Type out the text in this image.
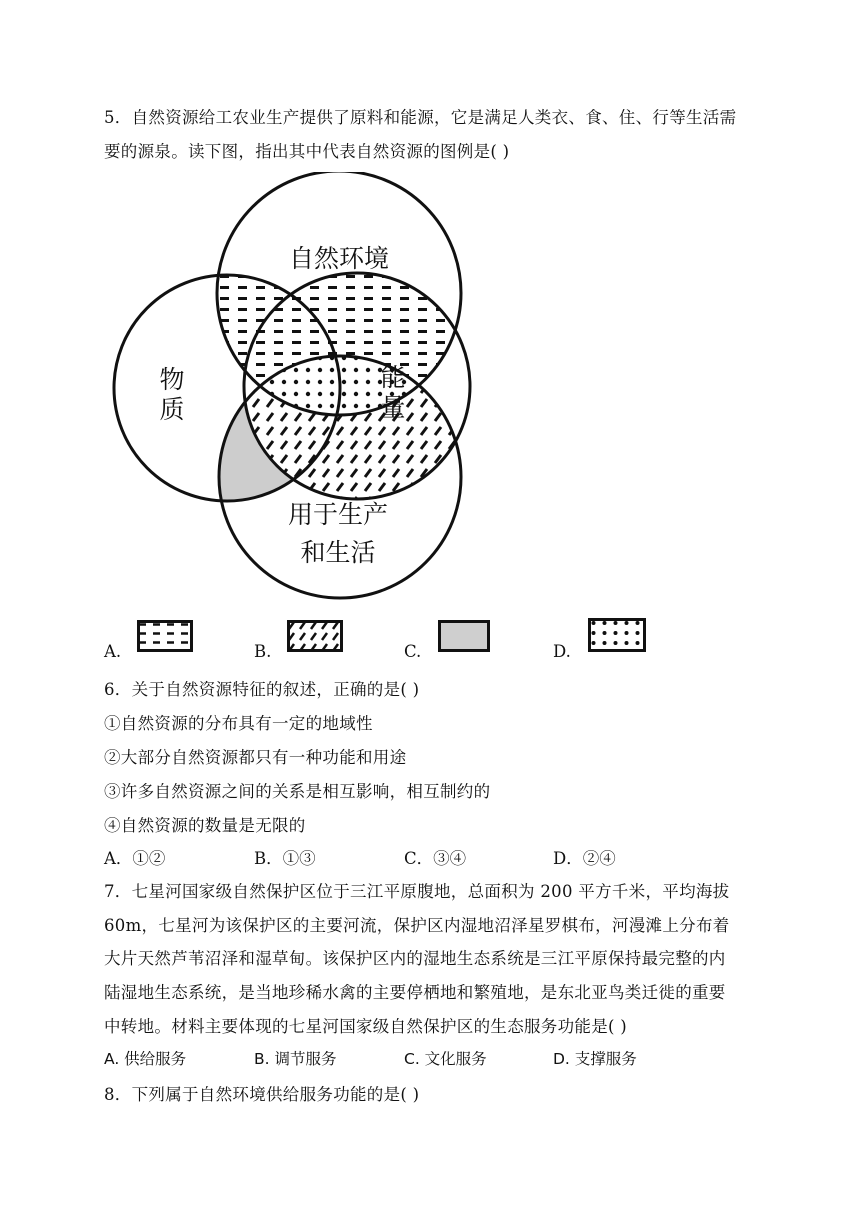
5．自然资源给工农业生产提供了原料和能源，它是满足人类衣、食、住、行等生活需
要的源泉。读下图，指出其中代表自然资源的图例是( )
自然环境
物
质
能
量
用于生产
和生活
A.	B.	C.	D.
6．关于自然资源特征的叙述，正确的是( )
①自然资源的分布具有一定的地域性
②大部分自然资源都只有一种功能和用途
③许多自然资源之间的关系是相互影响，相互制约的
④自然资源的数量是无限的
A．①②	B．①③	C．③④	D．②④
7．七星河国家级自然保护区位于三江平原腹地，总面积为 200 平方千米，平均海拔
60m，七星河为该保护区的主要河流，保护区内湿地沼泽星罗棋布，河漫滩上分布着
大片天然芦苇沼泽和湿草甸。该保护区内的湿地生态系统是三江平原保持最完整的内
陆湿地生态系统，是当地珍稀水禽的主要停栖地和繁殖地，是东北亚鸟类迁徙的重要
中转地。材料主要体现的七星河国家级自然保护区的生态服务功能是( )
A. 供给服务	B. 调节服务	C. 文化服务	D. 支撑服务
8．下列属于自然环境供给服务功能的是( )
